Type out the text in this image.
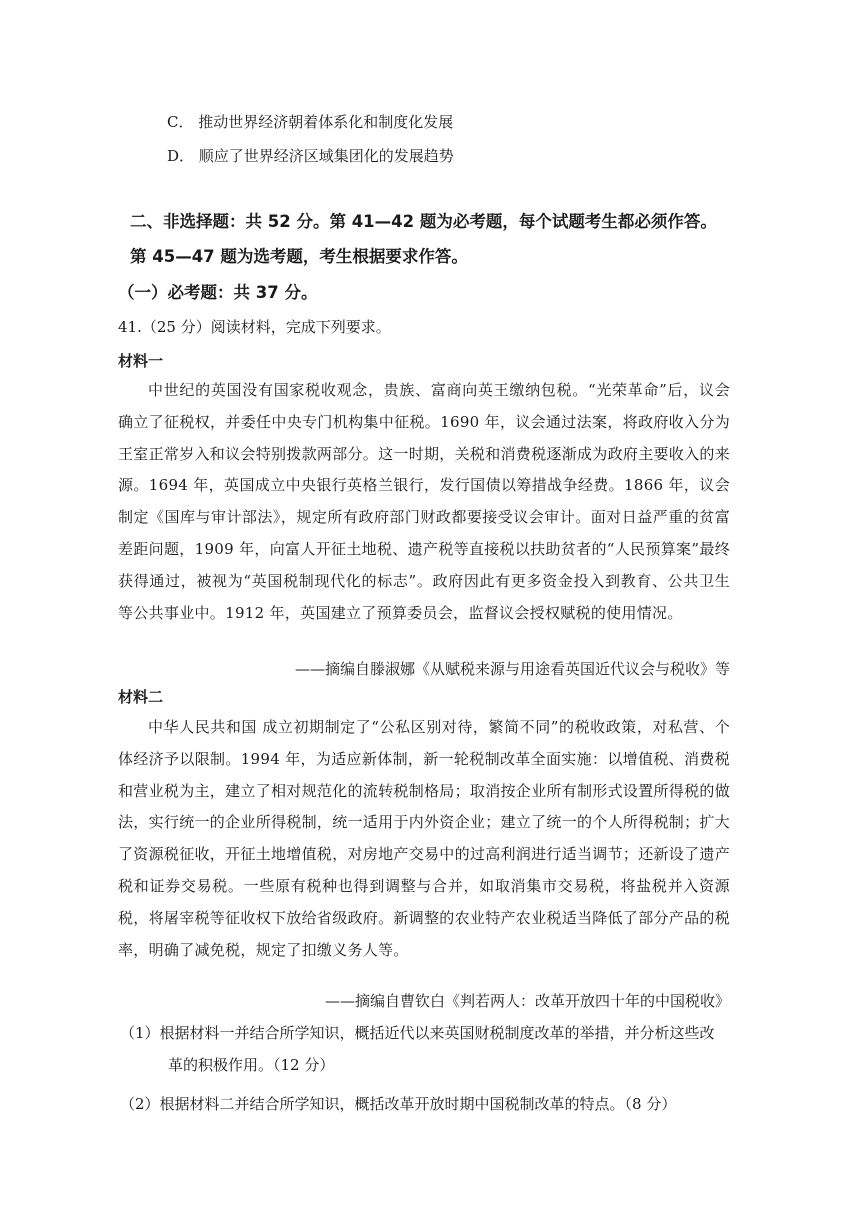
C． 推动世界经济朝着体系化和制度化发展
D． 顺应了世界经济区域集团化的发展趋势
二、非选择题：共 52 分。第 41—42 题为必考题，每个试题考生都必须作答。
第 45—47 题为选考题，考生根据要求作答。
（一）必考题：共 37 分。
41.（25 分）阅读材料，完成下列要求。
材料一
中世纪的英国没有国家税收观念，贵族、富商向英王缴纳包税。“光荣革命”后，议会确立了征税权，并委任中央专门机构集中征税。1690 年，议会通过法案，将政府收入分为王室正常岁入和议会特别拨款两部分。这一时期，关税和消费税逐渐成为政府主要收入的来源。1694 年，英国成立中央银行英格兰银行，发行国债以筹措战争经费。1866 年，议会制定《国库与审计部法》，规定所有政府部门财政都要接受议会审计。面对日益严重的贫富差距问题，1909 年，向富人开征土地税、遗产税等直接税以扶助贫者的“人民预算案”最终获得通过，被视为“英国税制现代化的标志”。政府因此有更多资金投入到教育、公共卫生等公共事业中。1912 年，英国建立了预算委员会，监督议会授权赋税的使用情况。
——摘编自滕淑娜《从赋税来源与用途看英国近代议会与税收》等
材料二
中华人民共和国 成立初期制定了“公私区别对待，繁简不同”的税收政策，对私营、个体经济予以限制。1994 年，为适应新体制，新一轮税制改革全面实施：以增值税、消费税和营业税为主，建立了相对规范化的流转税制格局；取消按企业所有制形式设置所得税的做法，实行统一的企业所得税制，统一适用于内外资企业；建立了统一的个人所得税制；扩大了资源税征收，开征土地增值税，对房地产交易中的过高利润进行适当调节；还新设了遗产税和证券交易税。一些原有税种也得到调整与合并，如取消集市交易税，将盐税并入资源税，将屠宰税等征收权下放给省级政府。新调整的农业特产农业税适当降低了部分产品的税率，明确了减免税，规定了扣缴义务人等。
——摘编自曹钦白《判若两人：改革开放四十年的中国税收》
（1）根据材料一并结合所学知识，概括近代以来英国财税制度改革的举措，并分析这些改
革的积极作用。（12 分）
（2）根据材料二并结合所学知识，概括改革开放时期中国税制改革的特点。（8 分）
